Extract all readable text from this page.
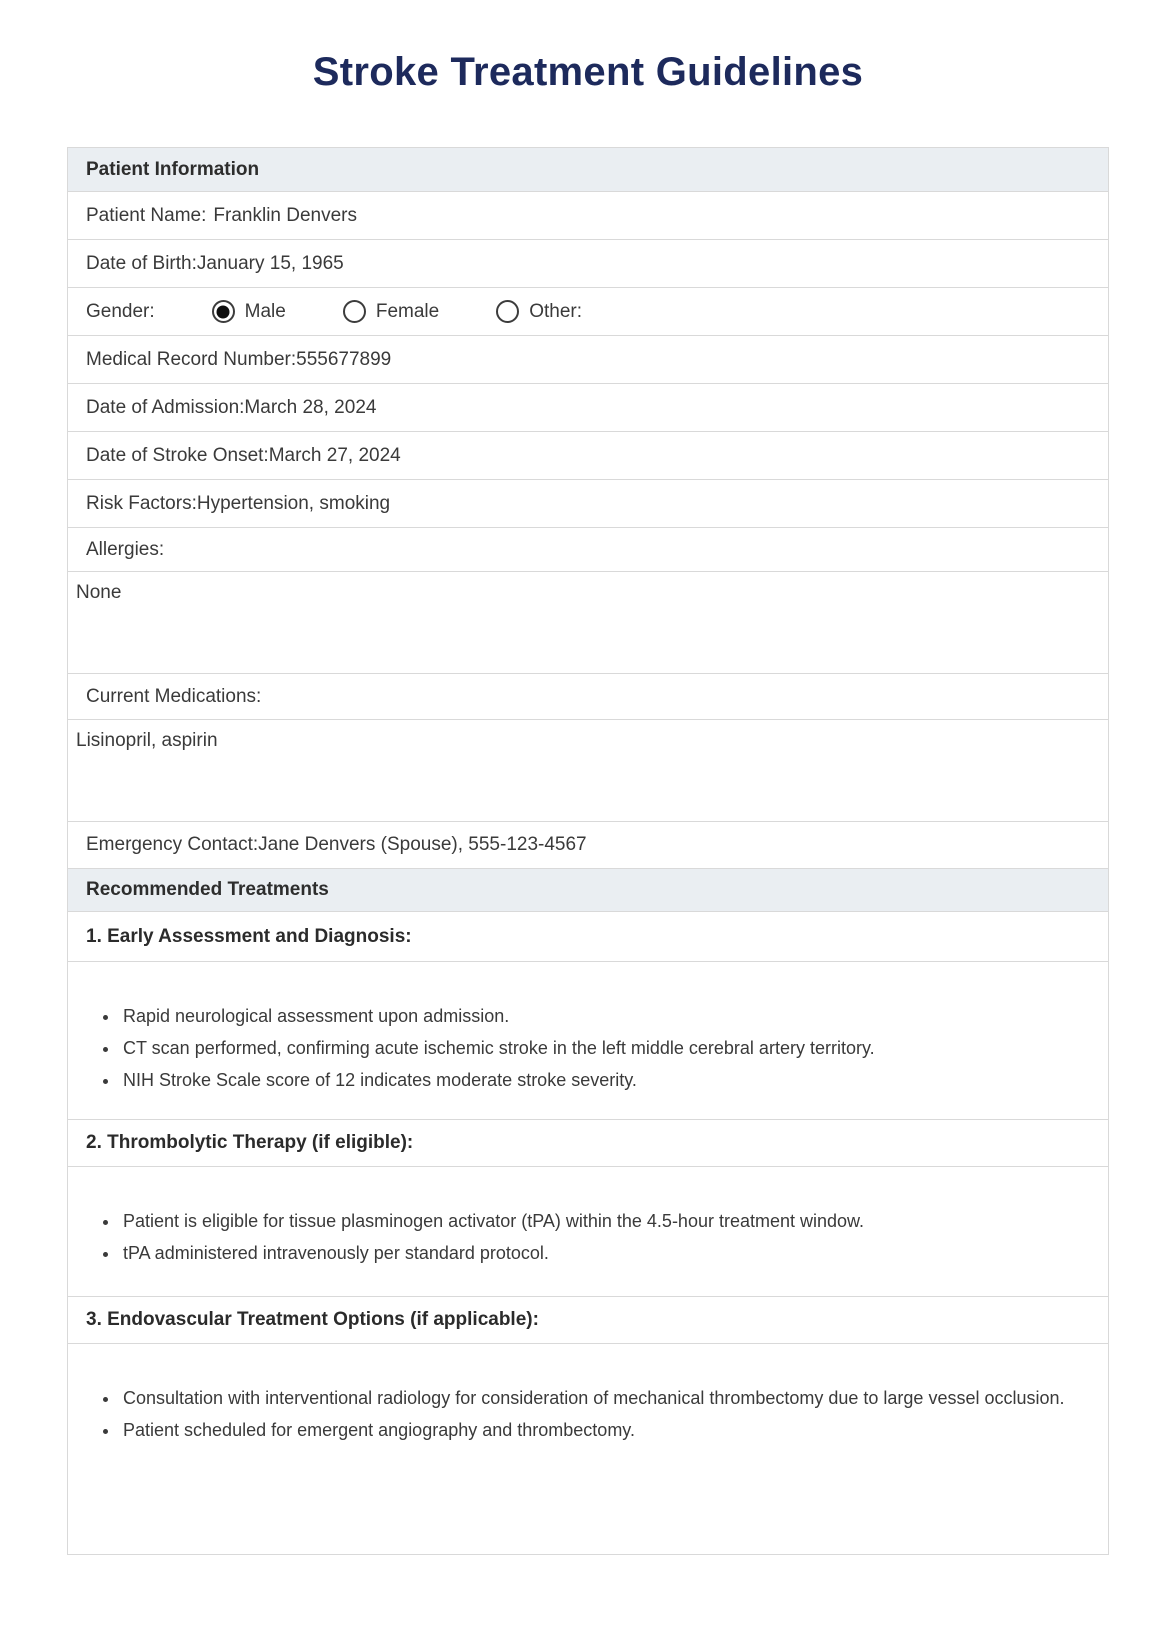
Stroke Treatment Guidelines
Patient Information
Patient Name: Franklin Denvers
Date of Birth: January 15, 1965
Gender:	Male	Female	Other:
Medical Record Number: 555677899
Date of Admission: March 28, 2024
Date of Stroke Onset: March 27, 2024
Risk Factors: Hypertension, smoking
Allergies:
None
Current Medications:
Lisinopril, aspirin
Emergency Contact: Jane Denvers (Spouse), 555-123-4567
Recommended Treatments
1. Early Assessment and Diagnosis:
• Rapid neurological assessment upon admission.
• CT scan performed, confirming acute ischemic stroke in the left middle cerebral artery territory.
• NIH Stroke Scale score of 12 indicates moderate stroke severity.
2. Thrombolytic Therapy (if eligible):
• Patient is eligible for tissue plasminogen activator (tPA) within the 4.5-hour treatment window.
• tPA administered intravenously per standard protocol.
3. Endovascular Treatment Options (if applicable):
• Consultation with interventional radiology for consideration of mechanical thrombectomy due to large vessel occlusion.
• Patient scheduled for emergent angiography and thrombectomy.
